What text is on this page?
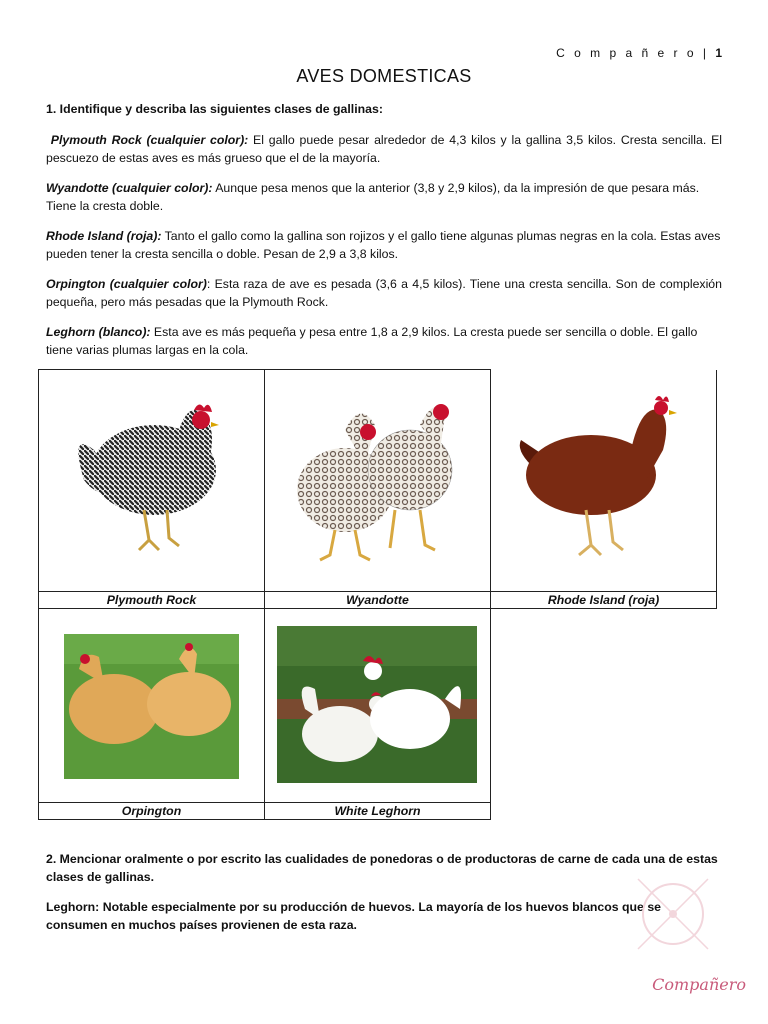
C o m p a ñ e r o | 1
AVES DOMESTICAS
1. Identifique y describa las siguientes clases de gallinas:
Plymouth Rock (cualquier color): El gallo puede pesar alrededor de 4,3 kilos y la gallina 3,5 kilos. Cresta sencilla. El pescuezo de estas aves es más grueso que el de la mayoría.
Wyandotte (cualquier color): Aunque pesa menos que la anterior (3,8 y 2,9 kilos), da la impresión de que pesara más. Tiene la cresta doble.
Rhode Island (roja): Tanto el gallo como la gallina son rojizos y el gallo tiene algunas plumas negras en la cola. Estas aves pueden tener la cresta sencilla o doble. Pesan de 2,9 a 3,8 kilos.
Orpington (cualquier color): Esta raza de ave es pesada (3,6 a 4,5 kilos). Tiene una cresta sencilla. Son de complexión pequeña, pero más pesadas que la Plymouth Rock.
Leghorn (blanco): Esta ave es más pequeña y pesa entre 1,8 a 2,9 kilos. La cresta puede ser sencilla o doble. El gallo tiene varias plumas largas en la cola.

Plymouth Rock	Wyandotte	Rhode Island (roja)

Orpington	White Leghorn	
2. Mencionar oralmente o por escrito las cualidades de ponedoras o de productoras de carne de cada una de estas clases de gallinas.
Leghorn: Notable especialmente por su producción de huevos. La mayoría de los huevos blancos que se consumen en muchos países provienen de esta raza.
Compañero
